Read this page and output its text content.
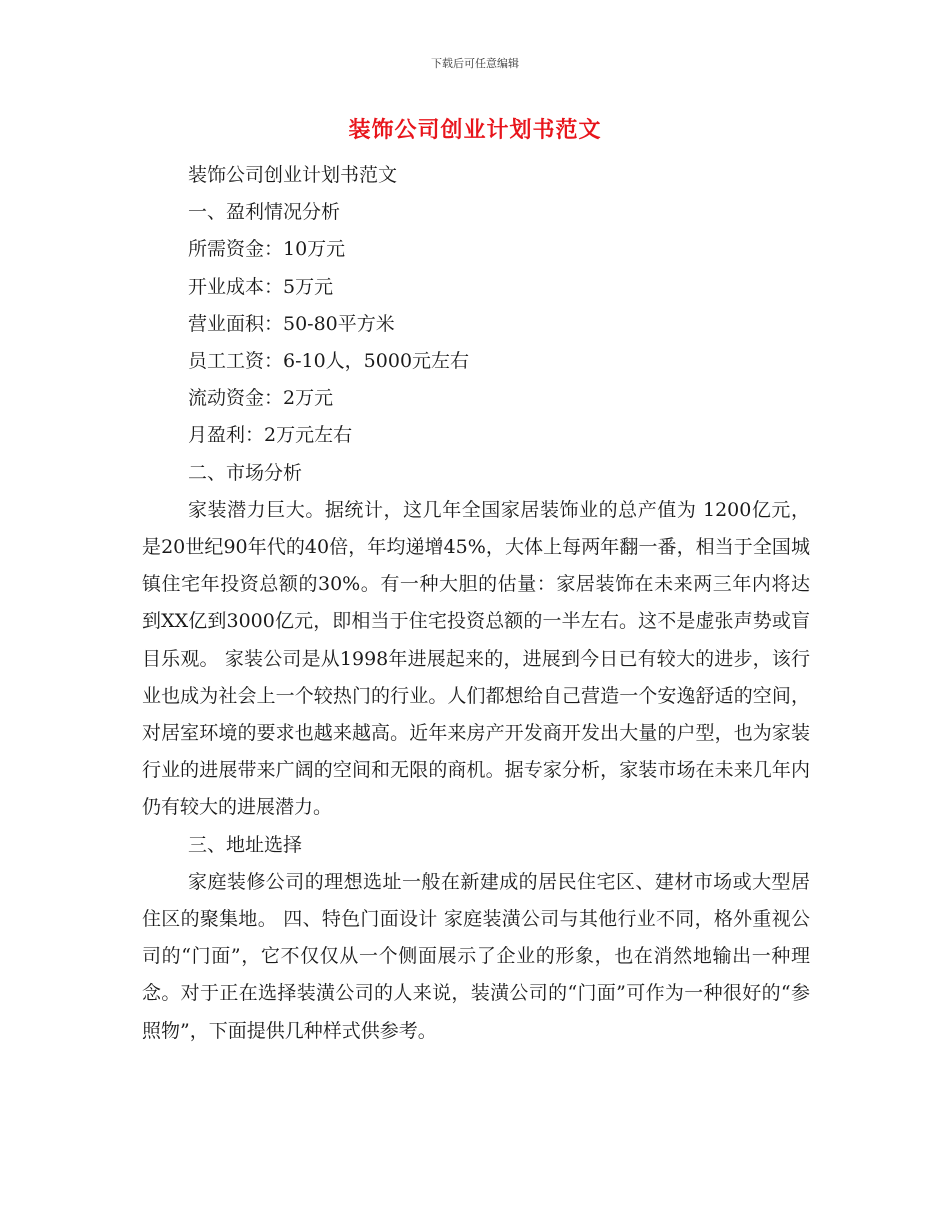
下载后可任意编辑
装饰公司创业计划书范文
装饰公司创业计划书范文
一、盈利情况分析
所需资金：10万元
开业成本：5万元
营业面积：50-80平方米
员工工资：6-10人，5000元左右
流动资金：2万元
月盈利：2万元左右
二、市场分析
家装潜力巨大。据统计，这几年全国家居装饰业的总产值为 1200亿元，是20世纪90年代的40倍，年均递增45%，大体上每两年翻一番，相当于全国城镇住宅年投资总额的30%。有一种大胆的估量：家居装饰在未来两三年内将达到XX亿到3000亿元，即相当于住宅投资总额的一半左右。这不是虚张声势或盲目乐观。 家装公司是从1998年进展起来的，进展到今日已有较大的进步，该行业也成为社会上一个较热门的行业。人们都想给自己营造一个安逸舒适的空间，对居室环境的要求也越来越高。近年来房产开发商开发出大量的户型，也为家装行业的进展带来广阔的空间和无限的商机。据专家分析，家装市场在未来几年内仍有较大的进展潜力。
三、地址选择
家庭装修公司的理想选址一般在新建成的居民住宅区、建材市场或大型居住区的聚集地。 四、特色门面设计 家庭装潢公司与其他行业不同，格外重视公司的“门面”，它不仅仅从一个侧面展示了企业的形象，也在消然地输出一种理念。对于正在选择装潢公司的人来说，装潢公司的“门面”可作为一种很好的“参照物”，下面提供几种样式供参考。
